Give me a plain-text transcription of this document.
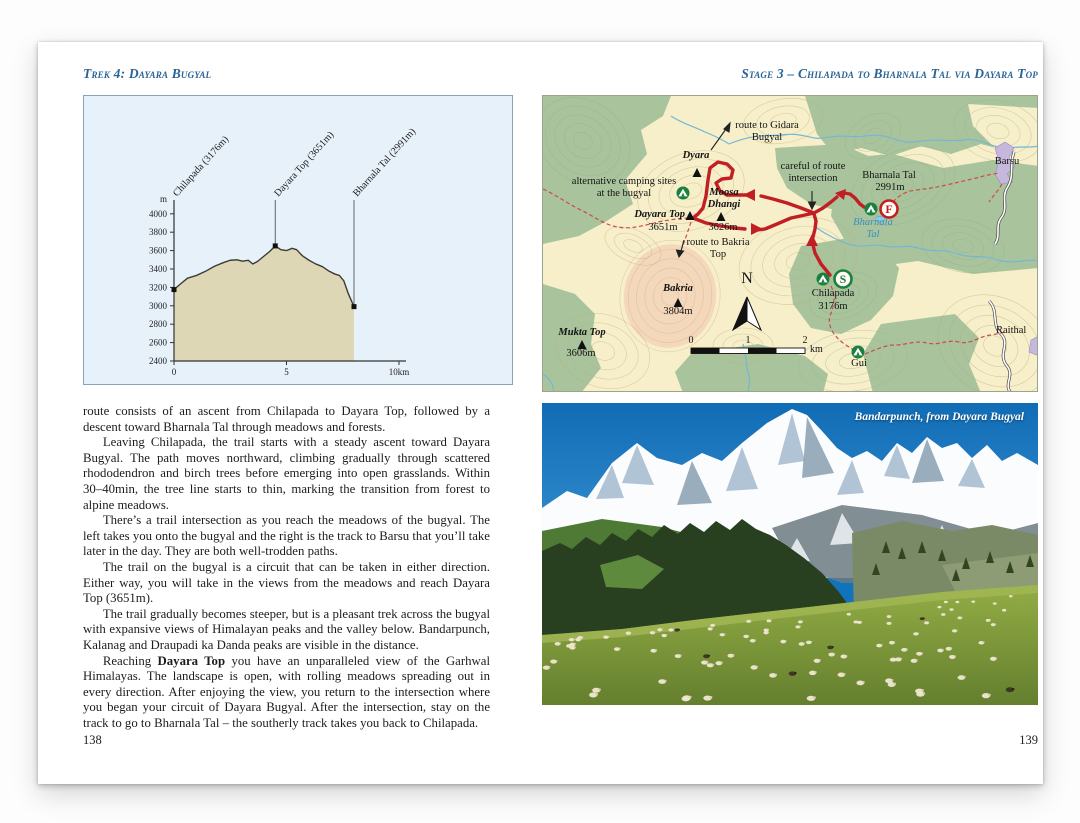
Trek 4: Dayara Bugyal
2400
2600
2800
3000
3200
3400
3600
3800
4000
m
0	5	10km
Chilapada (3176m)	Dayara Top (3651m) Bharnala Tal (2991m)

route consists of an ascent from Chilapada to Dayara Top, followed by a descent toward Bharnala Tal through meadows and forests.

Leaving Chilapada, the trail starts with a steady ascent toward Dayara Bugyal. The path moves northward, climbing gradually through scattered rhododendron and birch trees before emerging into open grasslands. Within 30–40min, the tree line starts to thin, marking the transition from forest to alpine meadows.

There’s a trail intersection as you reach the meadows of the bugyal. The left takes you onto the bugyal and the right is the track to Barsu that you’ll take later in the day. They are both well-trodden paths.

The trail on the bugyal is a circuit that can be taken in either direction. Either way, you will take in the views from the meadows and reach Dayara Top (3651m).

The trail gradually becomes steeper, but is a pleasant trek across the bugyal with expansive views of Himalayan peaks and the valley below. Bandarpunch, Kalanag and Draupadi ka Danda peaks are visible in the distance.

Reaching Dayara Top you have an unparalleled view of the Garhwal Himalayas. The landscape is open, with rolling meadows spreading out in every direction. After enjoying the view, you return to the intersection where you began your circuit of Dayara Bugyal. After the intersection, stay on the track to go to Bharnala Tal – the southerly track takes you back to Chilapada.

138
Stage 3 – Chilapada to Bharnala Tal via Dayara Top
S
F
route to Gidara Bugyal
Dyara
alternative camping sites at the bugyal	Moosa Dhangi
Dayara Top
3651m	3626m
route to Bakria Top
Bakria
3804m
Mukta Top
3606m
careful of route intersection	Bharnala Tal
2991m
Bharnala Tal
Barsu
Chilapada
3176m
Gui
Raithal
N
0	1	2
km
Bandarpunch, from Dayara Bugyal
139
